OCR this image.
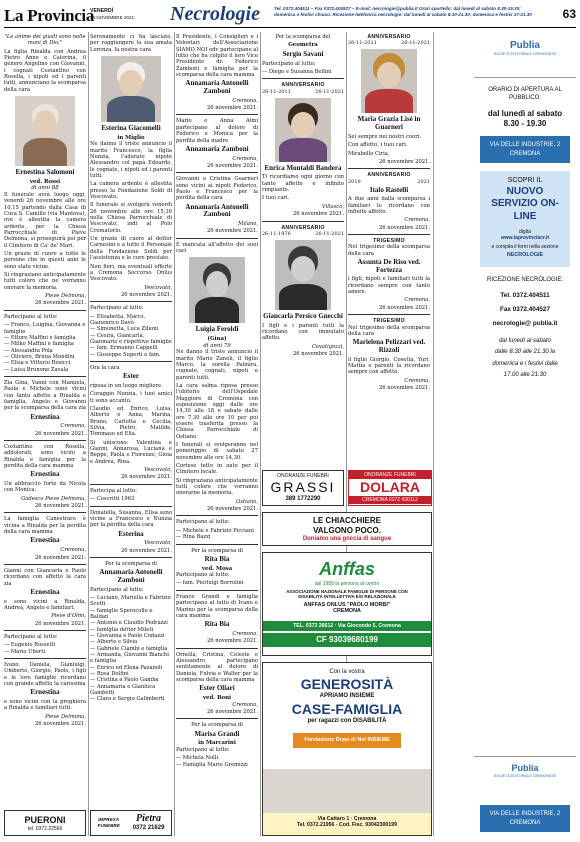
La Provincia
VENERDÌ
26 NOVEMBRE 2021 Necrologie	Tel. 0372.404511 – Fax 0372.404527 – E-mail: necrologie@publia.it Orari sportello: dal lunedì al sabato 8.30-19.30; domenica e festivi chiuso. Ricezione telefonica necrologie: dal lunedì al sabato 8.30-21.30; domenica e festivi 17-21.30	63

"Le anime dei giusti sono nelle mani di Dio."

La figlia Rinalda con Andrea Pietro Anne e Caterina, il genero Angelino con Giovanni, i cognati Costantino con Rosella, i nipoti ed i parenti tutti, annunciano la scomparsa della cara

Ernestina Salomoni
ved. Rossi
di anni 88

Il funerale avrà luogo oggi, venerdì 26 novembre alle ore 10,15 partendo dalla Casa di Cura S. Camillo (via Mantova), ove è allestita la camera ardente, per la Chiesa Parrocchiale di Pieve Delmona, si proseguirà poi per il Cimitero di Ca' de' Mari.

Un grazie di cuore a tutte le persone che in questi anni le sono state vicine.

Si ringraziano anticipatamente tutti coloro che ne vorranno onorare la memoria.

Pieve Delmona,
26 novembre 2021.

Partecipano al lutto:

— Franco, Luigina, Giovanna e famiglie
— Ettore Maffini e famiglia
— Milko Maffini e famiglia
— Alessandra Pola
— Oliviero, Bruna Mondini
— Elisa e Vittorio Rosicci
— Luisa Brunone Zavala

Zia Gina, Vanni con Manuela, Paola e Michele sono vicini con tanto affetto a Rinalda e famiglia, Angelo e Giovanni per la scomparsa della cara zia

Ernestina
Cremona,
26 novembre 2021.

Costantino con Rosella, addolorati, sono vicini a Rinalda e famiglia per la perdita della cara mamma

Ernestina

Un abbraccio forte da Nicola con Monica.

Gadesco Pieve Delmona,
26 novembre 2021.

La famiglia Canestraro è vicina a Rinalda per la perdita della cara mamma

Ernestina
Cremona,
26 novembre 2021.

Gianni con Giancarla e Paolo ricordano con affetto la cara zia

Ernestina

e sono vicini a Rinalda, Andrea, Angelo e familiari.

Pieve d'Olmi,
26 novembre 2021.

Partecipano al lutto:

— Eugenio Rossetti
— Mario Uberti

Ivano, Daniela, Gianluigi, Umberto, Giorgio, Paolo, i figli e le loro famiglie ricordano con grande affetto la carissima

Ernestina

e sono vicini con la preghiera a Rinalda e familiari tutti.

Pieve Delmona,
26 novembre 2021.
PUERONI
tel. 0372.22566

Serenamente ci ha lasciato, per raggiungere la sua amata Lorenza, la nostra cara

Esterina Giacomelli
in Miglio

Ne danno il triste annuncio il marito Francesco, la figlia Nunzia, l'adorato nipote Alessandro col papà Edoardo, le cognate, i nipoti ed i parenti tutti.

La camera ardente è allestita presso la Fondazione Soldi di Vescovato.

Il funerale si svolgerà venerdì 26 novembre alle ore 15,30 nella Chiesa Parrocchiale di Vescovato, indi al Polo Crematorio.

Un grazie di cuore al dottor Carnesini e a tutto il Personale della Fondazione Soldi per l'assistenza e le cure prestate.

Non fiori, ma eventuali offerte a Cremona Soccorso Onlus Vescovato.

Vescovato,
26 novembre 2021.

Partecipano al lutto:

— Elisabetta, Marco, Gianenrico Davò
— Simonetta, Luca Zilioni
— Cesira, Giancarla, Gianmario e rispettive famiglie
— fam. Ermanno Cappelli
— Giuseppe Superti e fam.

Ora la cara

Ester

riposa in un luogo migliore.

Coraggio Nunzia, i tuoi amici ti sono accanto.

Claudio ed Enrico, Luisa, Alberto e Anna, Marina, Bruno, Carlotta e Cecilia, Silvia, Pietro, Matilde, Tommaso ed Elia.

Si uniscono: Valentina e Gianni, Annarosa, Luciana e Beppe, Paola e Fiorenzo, Gioia e Andrea, Rina.

Vescovato,
26 novembre 2021.

Partecipa al lutto:

— Coscritti 1963

Donatella, Susanna, Elisa sono vicine a Francesco e Nunzia per la perdita della cara

Esterina
Vescovato,
26 novembre 2021.

Per la scomparsa di

Annamaria Antonelli Zamboni

Partecipano al lutto:

— Luciano, Mariella e Fabrizio Scotti
— famiglie Sperocollo e Baldan
— Antonio e Claudio Pedrazzi
— famiglia dottor Mileti
— Giovanna e Paolo Codazzi
— Alberto e Silvia
— Gabriele Ciambi e famiglia
— Armanda, Giovanni Bianchi e famiglia
— Enrico ed Elena Pazanoli
— Rosa Dolfini
— Cristina e Paolo Gamba
— Annamaria e Gianluca Gambetti
— Clara e Sergio Galimberti
IMPRESA FUNEBRE
Pietra
0372 21629

Il Presidente, i Consiglieri e i Volontari dell'Associazione SIAMO NOI odv partecipano al lutto che ha colpito il loro Vice Presidente dr. Federico Zamboni e famiglia per la scomparsa della cara mamma

Annamaria Antonelli Zamboni
Cremona,
26 novembre 2021.

Mario e Anna Aimi partecipano al dolore di Federico e Monica per la perdita della madre

Annamaria Zamboni
Cremona,
26 novembre 2021.

Giovanni e Cristina Guarneri sono vicini ai nipoti Federico, Paolo e Francesco per la perdita della cara

Annamaria Antonelli Zamboni
Milano,
26 novembre 2021.

È mancata all'affetto dei suoi cari

Luigia Feroldi
(Gina)
di anni 79

Ne danno il triste annuncio il marito Mario Zanoli, il figlio Marco, la sorella Palmira, cognate, cognati, nipoti e parenti tutti.

La cara salma riposa presso l'obitorio dell'Ospedale Maggiore di Cremona con esposizione oggi dalle ore 14,30 alle 18 e sabato dalle ore 7,30 alle ore 10 per poi essere trasferita presso la Chiesa Parrocchiale di Ostiano.

I funerali si svolgeranno nel pomeriggio di sabato 27 novembre alle ore 14,30.

Cortese tutto in auto per il Cimitero locale.

Si ringraziano anticipatamente tutti coloro che vorranno onorarne la memoria.

Ostiano,
26 novembre 2021.

Partecipano al lutto:

— Michele e Fabrizio Picciani
— Rina Bazzi

Per la scomparsa di

Rita Bia
ved. Mosa

Partecipano al lutto:

— fam. Pierluigi Borrolini

Franco Grandi e famiglia partecipano al lutto di Ivano e Marino per la scomparsa della cara mamma

Rita Bia
Cremona,
26 novembre 2021.

Ornella, Cristina, Celeste e Alessandro partecipano sentitamente al dolore di Daniela, Fulvia e Walter per la scomparsa della cara mamma

Ester Oliari
ved. Boni
Cremona,
26 novembre 2021.

Per la scomparsa di

Marisa Grandi
in Marcarini

Partecipano al lutto:

— Michela Nolli
— Famiglia Mario Gremizzi

Per la scomparsa del

Geometra
Sergio Savani

Partecipano al lutto:

— Diego e Susanna Bellini
ANNIVERSARIO
26-11-2011	26-11-2021
Enrica Montaldi Bandera

Ti ricordiamo ogni giorno con tanto affetto e infinito rimpianto.

I tuoi cari.

Villasco,
26 novembre 2021.
ANNIVERSARIO
26-11-1976	26-11-2021
Giancarla Persico Gnecchi

I figli e i parenti tutti la ricordano con immutato affetto.

Cavatigozzi,
26 novembre 2021.
ANNIVERSARIO
26-11-2011	26-11-2021
Maria Grazia Lisè in Guarneri

Sei sempre nei nostri cuori.

Con affetto, i tuoi cari.

Mirabello Ciria,

26 novembre 2021.
ANNIVERSARIO
2019	2021
Italo Rastelli

A due anni dalla scomparsa i familiari lo ricordano con infinito affetto.

Cremona,
26 novembre 2021.
TRIGESIMO

Nel trigesimo della scomparsa della cara

Assunta De Riso ved. Fortezza

i figli, nipoti e familiari tutti la ricordano sempre con tanto amore.

Cremona,
26 novembre 2021.
TRIGESIMO

Nel trigesimo della scomparsa della cara

Marielena Pelizzari ved. Rizzoli

il figlio Giorgio, Cosetta, Yuri, Mattia e parenti la ricordano sempre con affetto.

Cremona,
26 novembre 2021.
ONORANZE FUNEBRI
GRASSI
389 1772290
ONORANZE FUNEBRI
DOLARA
CREMONA 0372 430112
LE CHIACCHIERE
VALGONO POCO.
Doniamo una goccia di sangue
Anffas
dal 1958 la persona al centro
ASSOCIAZIONE NAZIONALE FAMIGLIE DI PERSONE CON DISABILITÀ INTELLETTIVA E/O RELAZIONALE
ANFFAS ONLUS "PAOLO MORBI"
CREMONA
TEL. 0372 26612 · Via Giocondo 5, Cremona
CF 93039680199
Con la vostra
GENEROSITÀ
APRIAMO INSIEME
CASE-FAMIGLIA
per ragazzi con DISABILITÀ
Fondazione Dopo di Noi INSIEME
Via Cattaro 1 · Cremona
Tel. 0372.21956 - Cod. Fisc. 93042300199
Publia
SOCIETÀ EDITORIALE CREMONESE
ORARIO DI APERTURA AL PUBBLICO:
dal lunedì al sabato
8.30 - 19.30
VIA DELLE INDUSTRIE, 2 CREMONA
SCOPRI IL
NUOVO SERVIZIO ON-LINE
digita
www.laprovinciacr.it
e compila il form nella sezione
NECROLOGIE
RICEZIONE NECROLOGIE:
Tel. 0372.404511
Fax 0372.404527
necrologie@ publia.it
dal lunedì al sabato dalle 8.30 alle 21.30 la domenica e i festivi dalle 17.00 alle 21.30
Publia
SOCIETÀ EDITORIALE CREMONESE
VIA DELLE INDUSTRIE, 2 CREMONA
